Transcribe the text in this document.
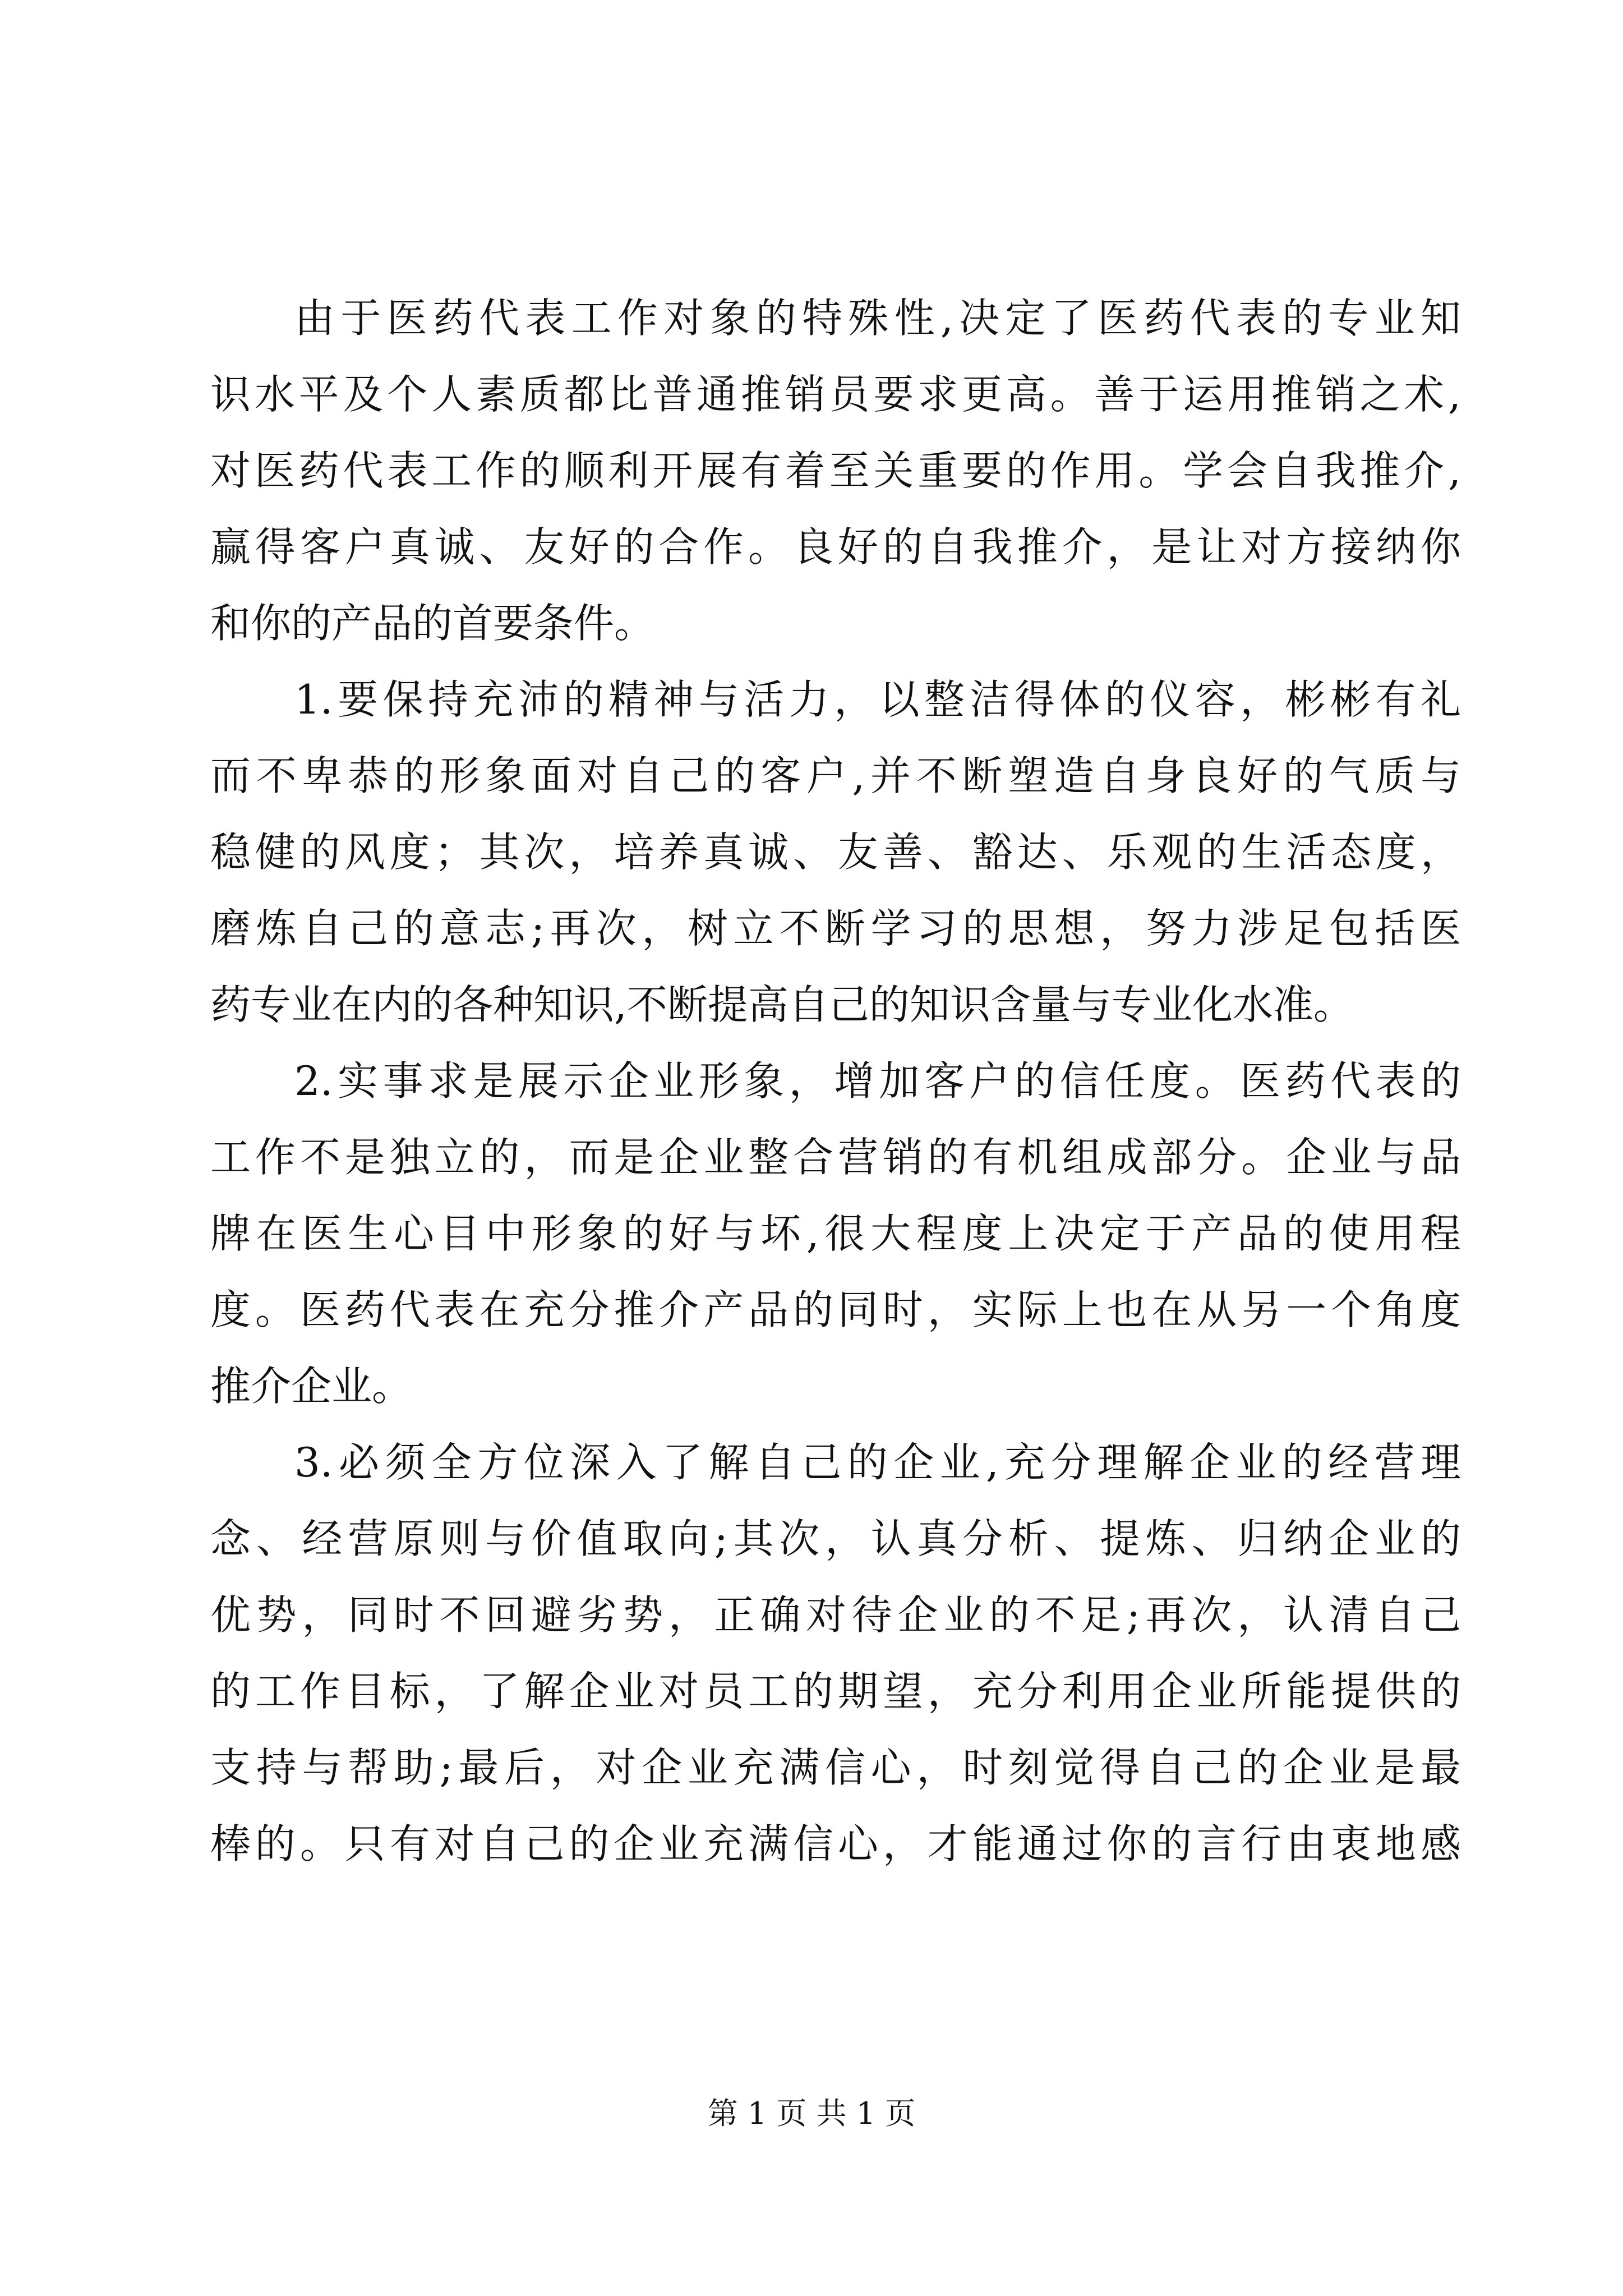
由于医药代表工作对象的特殊性,决定了医药代表的专业知

识水平及个人素质都比普通推销员要求更高。善于运用推销之术,

对医药代表工作的顺利开展有着至关重要的作用。学会自我推介,

赢得客户真诚、友好的合作。良好的自我推介，是让对方接纳你

和你的产品的首要条件。

1.要保持充沛的精神与活力，以整洁得体的仪容，彬彬有礼

而不卑恭的形象面对自己的客户,并不断塑造自身良好的气质与

稳健的风度；其次，培养真诚、友善、豁达、乐观的生活态度，

磨炼自己的意志;再次，树立不断学习的思想，努力涉足包括医

药专业在内的各种知识,不断提高自己的知识含量与专业化水准。

2.实事求是展示企业形象，增加客户的信任度。医药代表的

工作不是独立的，而是企业整合营销的有机组成部分。企业与品

牌在医生心目中形象的好与坏,很大程度上决定于产品的使用程

度。医药代表在充分推介产品的同时，实际上也在从另一个角度

推介企业。

3.必须全方位深入了解自己的企业,充分理解企业的经营理

念、经营原则与价值取向;其次，认真分析、提炼、归纳企业的

优势，同时不回避劣势，正确对待企业的不足;再次，认清自己

的工作目标，了解企业对员工的期望，充分利用企业所能提供的

支持与帮助;最后，对企业充满信心，时刻觉得自己的企业是最

棒的。只有对自己的企业充满信心，才能通过你的言行由衷地感

第 1 页 共 1 页
